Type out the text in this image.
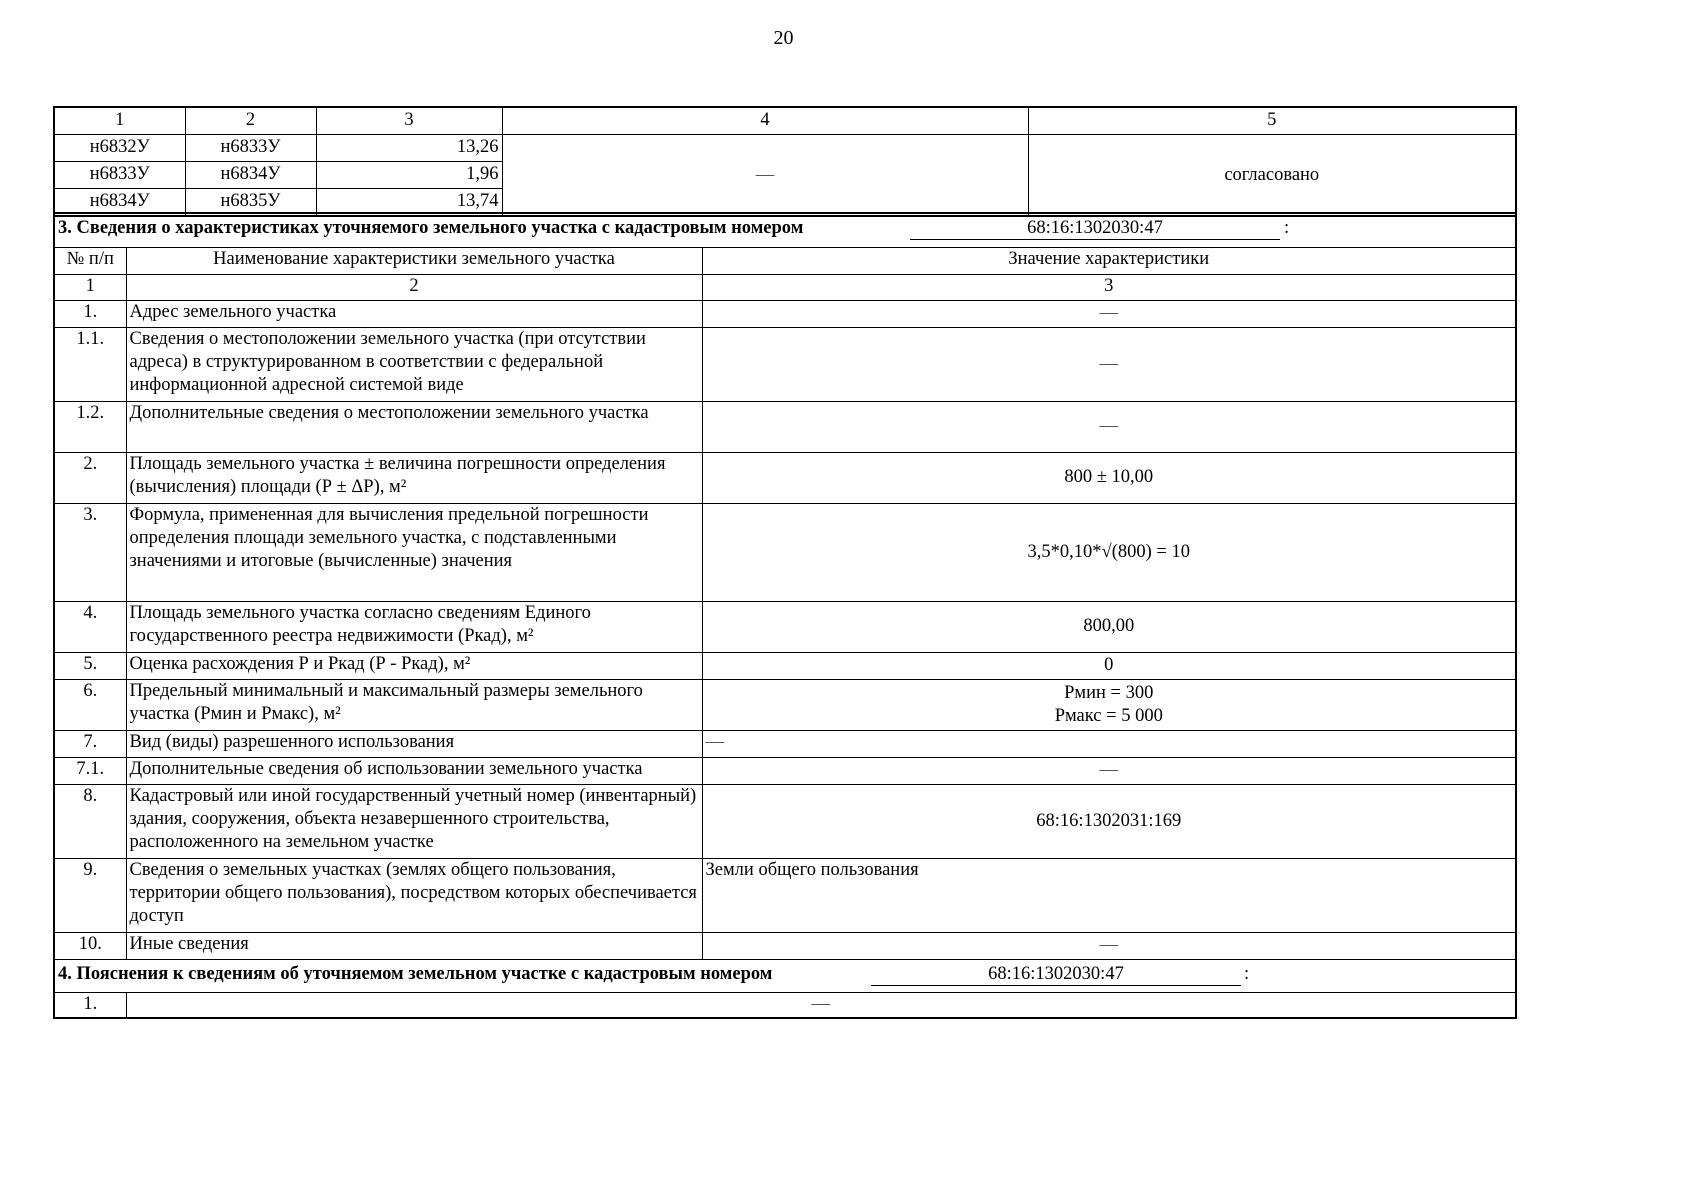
20
1	2	3	4	5
н6832У	н6833У	13,26	—	согласовано
н6833У	н6834У	1,96		
н6834У	н6835У	13,74		
3. Сведения о характеристиках уточняемого земельного участка с кадастровым номером 68:16:1302030:47 :		

№ п/п	Наименование характеристики земельного участка	Значение характеристики
1	2	3
1.	Адрес земельного участка	—
1.1.	Сведения о местоположении земельного участка (при отсутствии адреса) в структурированном в соответствии с федеральной информационной адресной системой виде	—
1.2.	Дополнительные сведения о местоположении земельного участка	—
2.	Площадь земельного участка ± величина погрешности определения (вычисления) площади (Р ± ΔР), м²	800 ± 10,00
3.	Формула, примененная для вычисления предельной погрешности определения площади земельного участка, с подставленными значениями и итоговые (вычисленные) значения	3,5*0,10*√(800) = 10
4.	Площадь земельного участка согласно сведениям Единого государственного реестра недвижимости (Ркад), м²	800,00
5.	Оценка расхождения Р и Ркад (Р - Ркад), м²	0
6.	Предельный минимальный и максимальный размеры земельного участка (Рмин и Рмакс), м²	Рмин = 300
Рмакс = 5 000

7.	Вид (виды) разрешенного использования	—
7.1.	Дополнительные сведения об использовании земельного участка	—
8.	Кадастровый или иной государственный учетный номер (инвентарный) здания, сооружения, объекта незавершенного строительства, расположенного на земельном участке	68:16:1302031:169
9.	Сведения о земельных участках (землях общего пользования, территории общего пользования), посредством которых обеспечивается доступ	Земли общего пользования
10.	Иные сведения	—

4. Пояснения к сведениям об уточняемом земельном участке с кадастровым номером 68:16:1302030:47 :		

1.	—	
